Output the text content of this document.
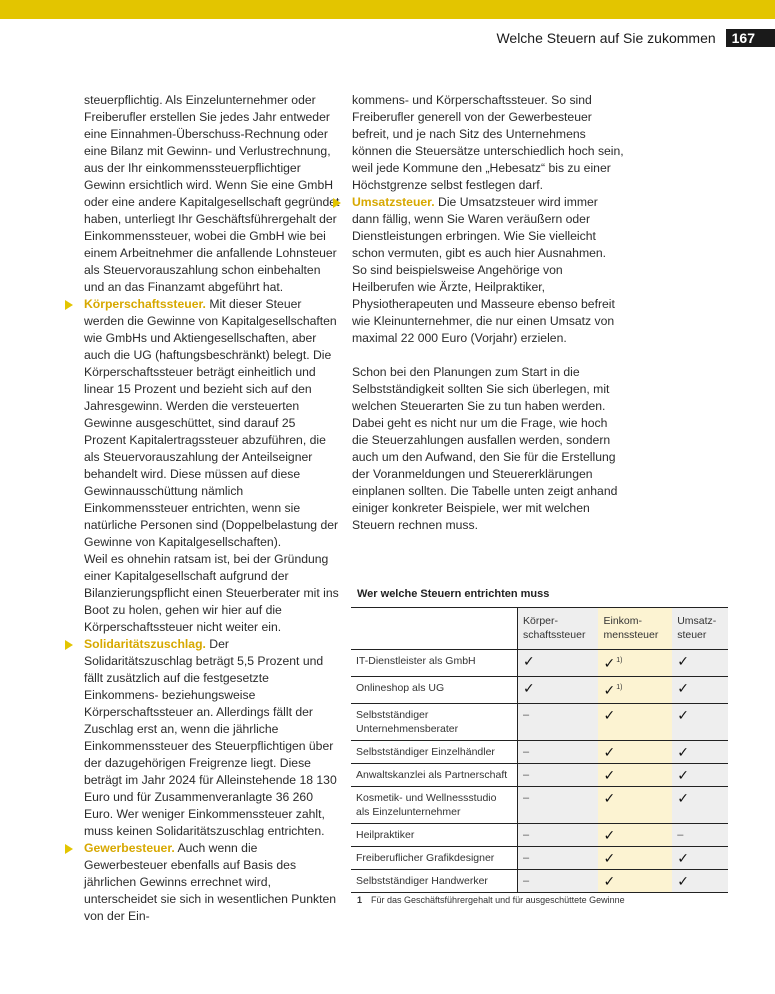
Welche Steuern auf Sie zukommen	167

steuerpflichtig. Als Einzelunternehmer oder Freiberufler erstellen Sie jedes Jahr entweder eine Einnahmen-Überschuss-Rechnung oder eine Bilanz mit Gewinn- und Verlustrechnung, aus der Ihr einkommenssteuerpflichtiger Gewinn ersichtlich wird. Wenn Sie eine GmbH oder eine andere Kapitalgesellschaft gegründet haben, unterliegt Ihr Geschäftsführergehalt der Einkommenssteuer, wobei die GmbH wie bei einem Arbeitnehmer die anfallende Lohnsteuer als Steuervorauszahlung schon einbehalten und an das Finanzamt abgeführt hat.

Körperschaftssteuer. Mit dieser Steuer werden die Gewinne von Kapitalgesellschaften wie GmbHs und Aktiengesellschaften, aber auch die UG (haftungsbeschränkt) belegt. Die Körperschaftssteuer beträgt einheitlich und linear 15 Prozent und bezieht sich auf den Jahresgewinn. Werden die versteuerten Gewinne ausgeschüttet, sind darauf 25 Prozent Kapitalertragssteuer abzuführen, die als Steuervorauszahlung der Anteilseigner behandelt wird. Diese müssen auf diese Gewinnausschüttung nämlich Einkommenssteuer entrichten, wenn sie natürliche Personen sind (Doppelbelastung der Gewinne von Kapitalgesellschaften).

Weil es ohnehin ratsam ist, bei der Gründung einer Kapitalgesellschaft aufgrund der Bilanzierungspflicht einen Steuerberater mit ins Boot zu holen, gehen wir hier auf die Körperschaftssteuer nicht weiter ein.

Solidaritätszuschlag. Der Solidaritätszuschlag beträgt 5,5 Prozent und fällt zusätzlich auf die festgesetzte Einkommens- beziehungsweise Körperschaftssteuer an. Allerdings fällt der Zuschlag erst an, wenn die jährliche Einkommenssteuer des Steuerpflichtigen über der dazugehörigen Freigrenze liegt. Diese beträgt im Jahr 2024 für Alleinstehende 18 130 Euro und für Zusammenveranlagte 36 260 Euro. Wer weniger Einkommenssteuer zahlt, muss keinen Solidaritätszuschlag entrichten.

Gewerbesteuer. Auch wenn die Gewerbesteuer ebenfalls auf Basis des jährlichen Gewinns errechnet wird, unterscheidet sie sich in wesentlichen Punkten von der Ein-

kommens- und Körperschaftssteuer. So sind Freiberufler generell von der Gewerbesteuer befreit, und je nach Sitz des Unternehmens können die Steuersätze unterschiedlich hoch sein, weil jede Kommune den „Hebesatz“ bis zu einer Höchstgrenze selbst festlegen darf.

Umsatzsteuer. Die Umsatzsteuer wird immer dann fällig, wenn Sie Waren veräußern oder Dienstleistungen erbringen. Wie Sie vielleicht schon vermuten, gibt es auch hier Ausnahmen. So sind beispielsweise Angehörige von Heilberufen wie Ärzte, Heilpraktiker, Physiotherapeuten und Masseure ebenso befreit wie Kleinunternehmer, die nur einen Umsatz von maximal 22 000 Euro (Vorjahr) erzielen.

Schon bei den Planungen zum Start in die Selbstständigkeit sollten Sie sich überlegen, mit welchen Steuerarten Sie zu tun haben werden. Dabei geht es nicht nur um die Frage, wie hoch die Steuerzahlungen ausfallen werden, sondern auch um den Aufwand, den Sie für die Erstellung der Voranmeldungen und Steuererklärungen einplanen sollten. Die Tabelle unten zeigt anhand einiger konkreter Beispiele, wer mit welchen Steuern rechnen muss.

Wer welche Steuern entrichten muss
	Körper-schaftssteuer	Einkom-menssteuer	Umsatz-steuer
IT-Dienstleister als GmbH	✓	✓$^{1)}$	✓
Onlineshop als UG	✓	✓$^{1)}$	✓
Selbstständiger Unternehmensberater	–	✓	✓
Selbstständiger Einzelhändler	–	✓	✓
Anwaltskanzlei als Partnerschaft	–	✓	✓
Kosmetik- und Wellnessstudio als Einzelunternehmer	–	✓	✓
Heilpraktiker	–	✓	–
Freiberuflicher Grafikdesigner	–	✓	✓
Selbstständiger Handwerker	–	✓	✓
1 Für das Geschäftsführergehalt und für ausgeschüttete Gewinne
